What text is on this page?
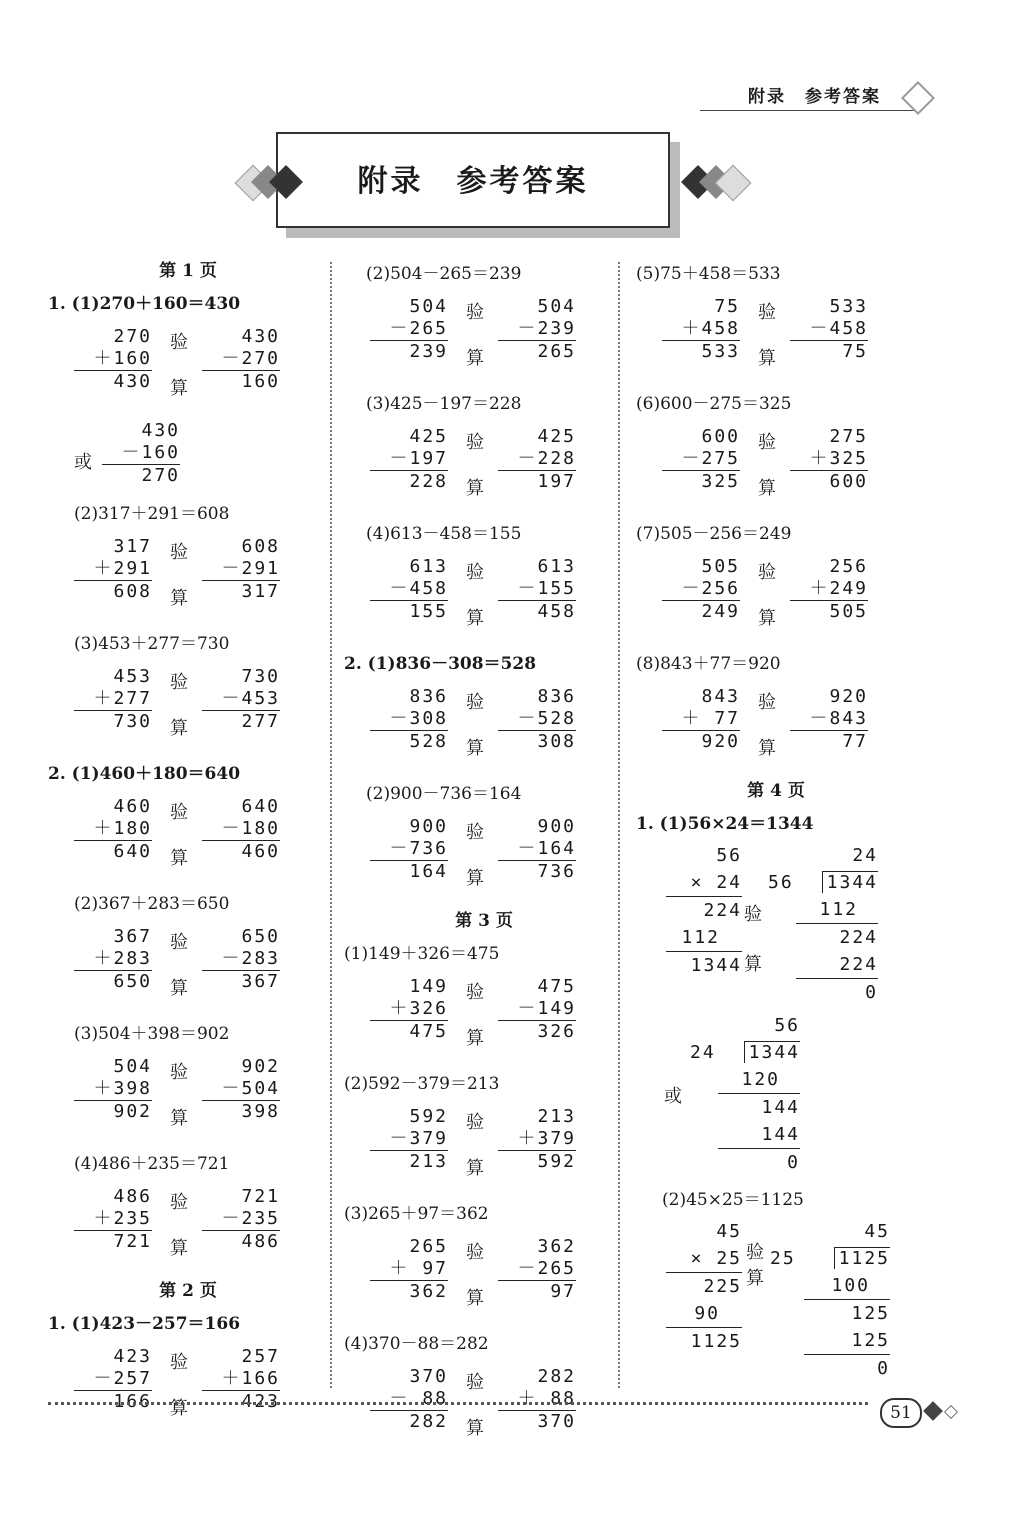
附录　参考答案
附录　参考答案
第 1 页
1. (1)270＋160＝430
270
＋160
430
430
－270
160
验
算
430
－160
270
或
(2)317＋291＝608
317
＋291
608
608
－291
317
验
算
(3)453＋277＝730
453
＋277
730
730
－453
277
验
算
2. (1)460＋180＝640
460
＋180
640
640
－180
460
验
算
(2)367＋283＝650
367
＋283
650
650
－283
367
验
算
(3)504＋398＝902
504
＋398
902
902
－504
398
验
算
(4)486＋235＝721
486
＋235
721
721
－235
486
验
算
第 2 页
1. (1)423－257＝166
423
－257
166
257
＋166
423
验
算
(2)504－265＝239
504
－265
239
504
－239
265
验
算
(3)425－197＝228
425
－197
228
425
－228
197
验
算
(4)613－458＝155
613
－458
155
613
－155
458
验
算
2. (1)836－308＝528
836
－308
528
836
－528
308
验
算
(2)900－736＝164
900
－736
164
900
－164
736
验
算
第 3 页
(1)149＋326＝475
149
＋326
475
475
－149
326
验
算
(2)592－379＝213
592
－379
213
213
＋379
592
验
算
(3)265＋97＝362
265
＋ 97
362
362
－265
97
验
算
(4)370－88＝282
370
－ 88
282
282
＋ 88
370
验
算
(5)75＋458＝533
75
＋458
533
533
－458
75
验
算
(6)600－275＝325
600
－275
325
275
＋325
600
验
算
(7)505－256＝249
505
－256
249
256
＋249
505
验
算
(8)843＋77＝920
843
＋ 77
920
920
－843
77
验
算
第 4 页
1. (1)56×24＝1344
56
× 24
224
112
1344
验
算
24
56 1344
112
224
224
0
或
56
24 1344
120
144
144
0
(2)45×25＝1125
45
× 25
225
90
1125
验
算
45
25 1125
100
125
125
0
51
